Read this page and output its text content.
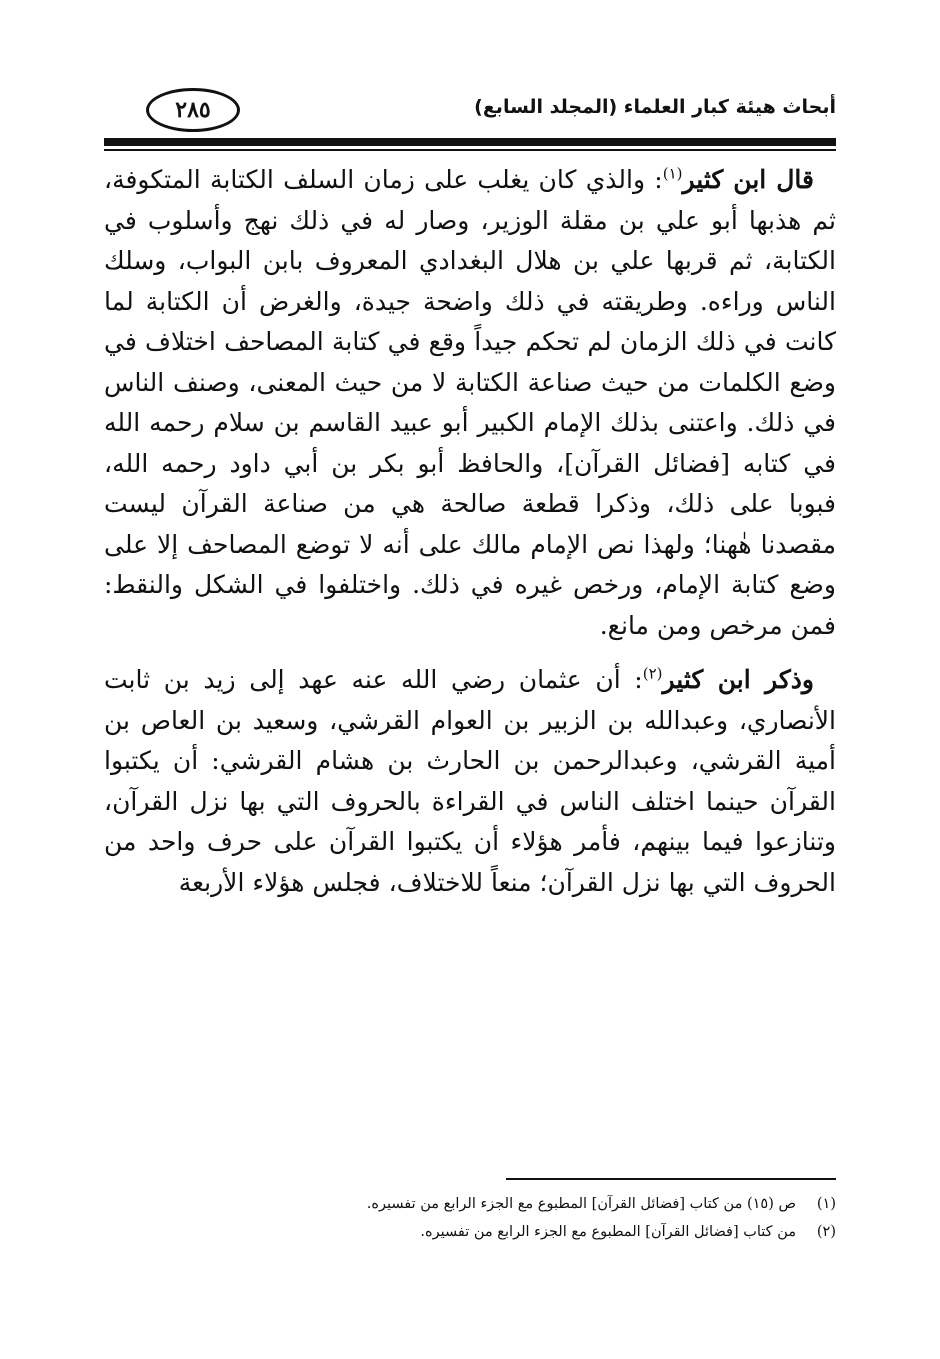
أبحاث هيئة كبار العلماء (المجلد السابع)
٢٨٥

قال ابن كثير$^{(١)}$: والذي كان يغلب على زمان السلف الكتابة المتكوفة، ثم هذبها أبو علي بن مقلة الوزير، وصار له في ذلك نهج وأسلوب في الكتابة، ثم قربها علي بن هلال البغدادي المعروف بابن البواب، وسلك الناس وراءه. وطريقته في ذلك واضحة جيدة، والغرض أن الكتابة لما كانت في ذلك الزمان لم تحكم جيداً وقع في كتابة المصاحف اختلاف في وضع الكلمات من حيث صناعة الكتابة لا من حيث المعنى، وصنف الناس في ذلك. واعتنى بذلك الإمام الكبير أبو عبيد القاسم بن سلام رحمه الله في كتابه [فضائل القرآن]، والحافظ أبو بكر بن أبي داود رحمه الله، فبوبا على ذلك، وذكرا قطعة صالحة هي من صناعة القرآن ليست مقصدنا هٰهنا؛ ولهذا نص الإمام مالك على أنه لا توضع المصاحف إلا على وضع كتابة الإمام، ورخص غيره في ذلك. واختلفوا في الشكل والنقط: فمن مرخص ومن مانع.

وذكر ابن كثير$^{(٢)}$: أن عثمان رضي الله عنه عهد إلى زيد بن ثابت الأنصاري، وعبدالله بن الزبير بن العوام القرشي، وسعيد بن العاص بن أمية القرشي، وعبدالرحمن بن الحارث بن هشام القرشي: أن يكتبوا القرآن حينما اختلف الناس في القراءة بالحروف التي بها نزل القرآن، وتنازعوا فيما بينهم، فأمر هؤلاء أن يكتبوا القرآن على حرف واحد من الحروف التي بها نزل القرآن؛ منعاً للاختلاف، فجلس هؤلاء الأربعة

(١)ص (١٥) من كتاب [فضائل القرآن] المطبوع مع الجزء الرابع من تفسيره.
(٢)من كتاب [فضائل القرآن] المطبوع مع الجزء الرابع من تفسيره.
